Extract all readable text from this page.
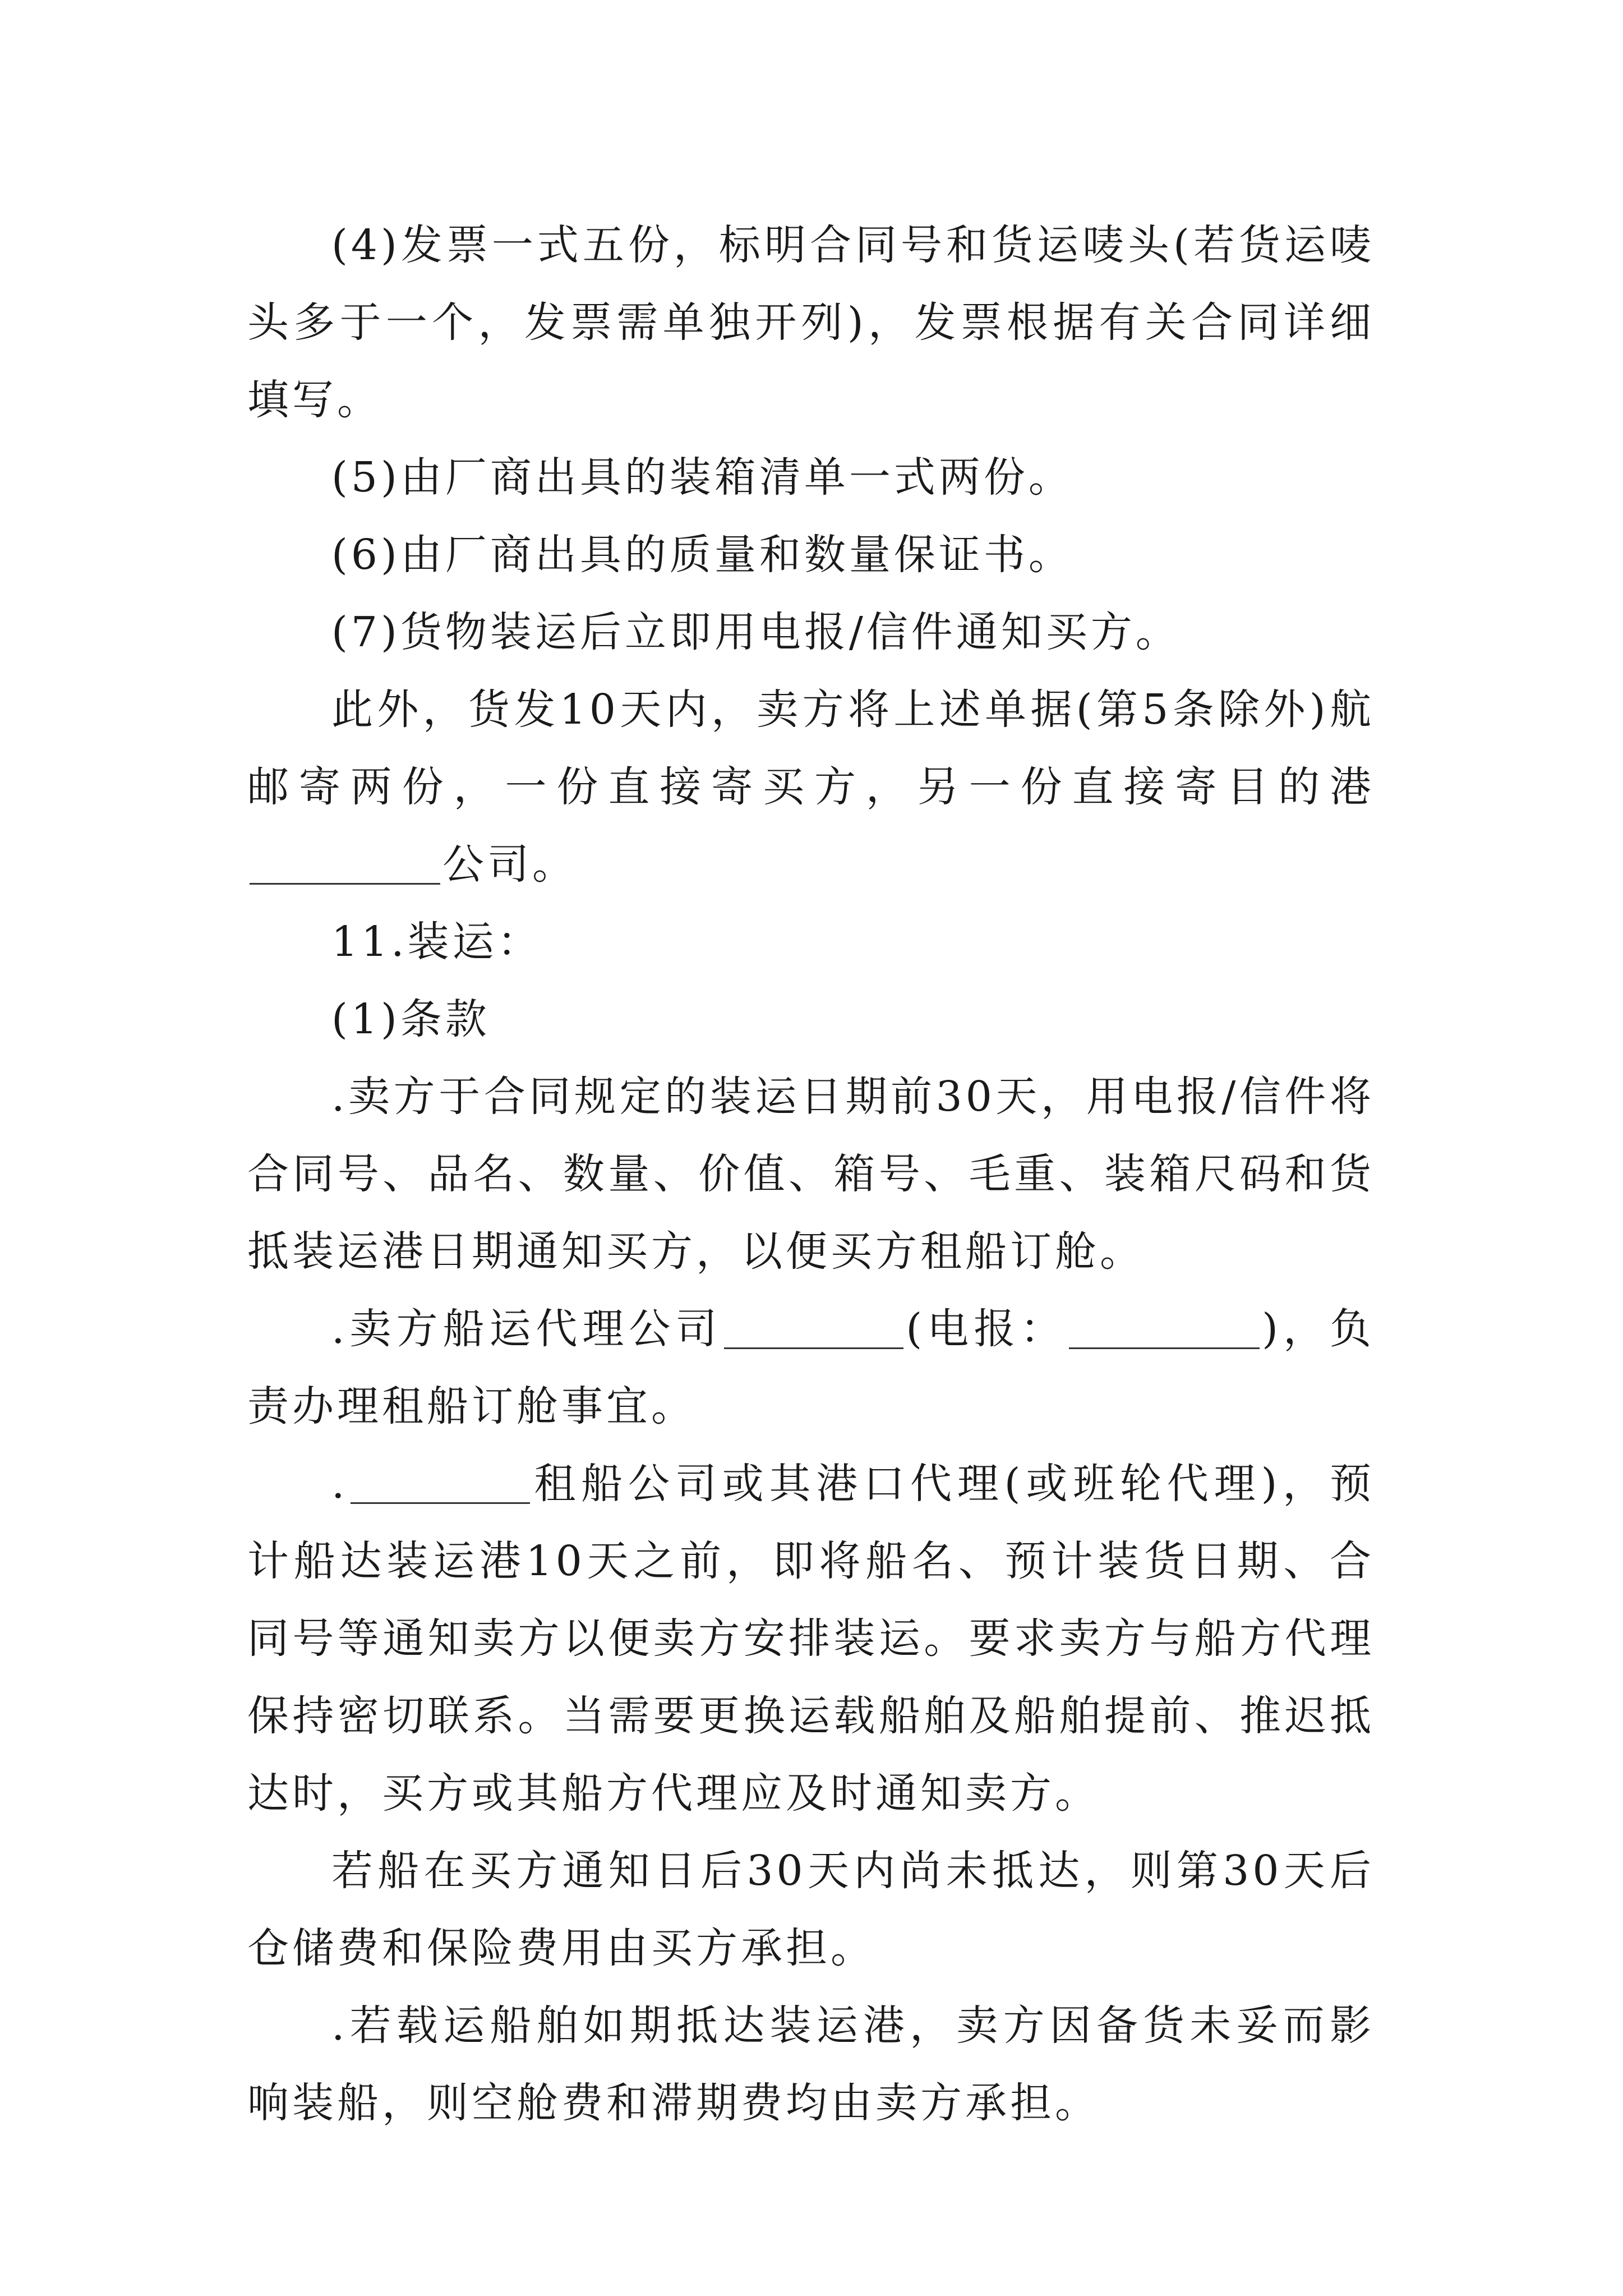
(4)发票一式五份，标明合同号和货运唛头(若货运唛头多于一个，发票需单独开列)，发票根据有关合同详细填写。

(5)由厂商出具的装箱清单一式两份。

(6)由厂商出具的质量和数量保证书。

(7)货物装运后立即用电报/信件通知买方。

此外，货发10天内，卖方将上述单据(第5条除外)航邮寄两份，一份直接寄买方，另一份直接寄目的港公司。

11.装运：

(1)条款

.卖方于合同规定的装运日期前30天，用电报/信件将合同号、品名、数量、价值、箱号、毛重、装箱尺码和货抵装运港日期通知买方，以便买方租船订舱。

.卖方船运代理公司	(电报：	)，负责办理租船订舱事宜。

.	租船公司或其港口代理(或班轮代理)，预计船达装运港10天之前，即将船名、预计装货日期、合同号等通知卖方以便卖方安排装运。要求卖方与船方代理保持密切联系。当需要更换运载船舶及船舶提前、推迟抵达时，买方或其船方代理应及时通知卖方。

若船在买方通知日后30天内尚未抵达，则第30天后仓储费和保险费用由买方承担。

.若载运船舶如期抵达装运港，卖方因备货未妥而影响装船，则空舱费和滞期费均由卖方承担。
